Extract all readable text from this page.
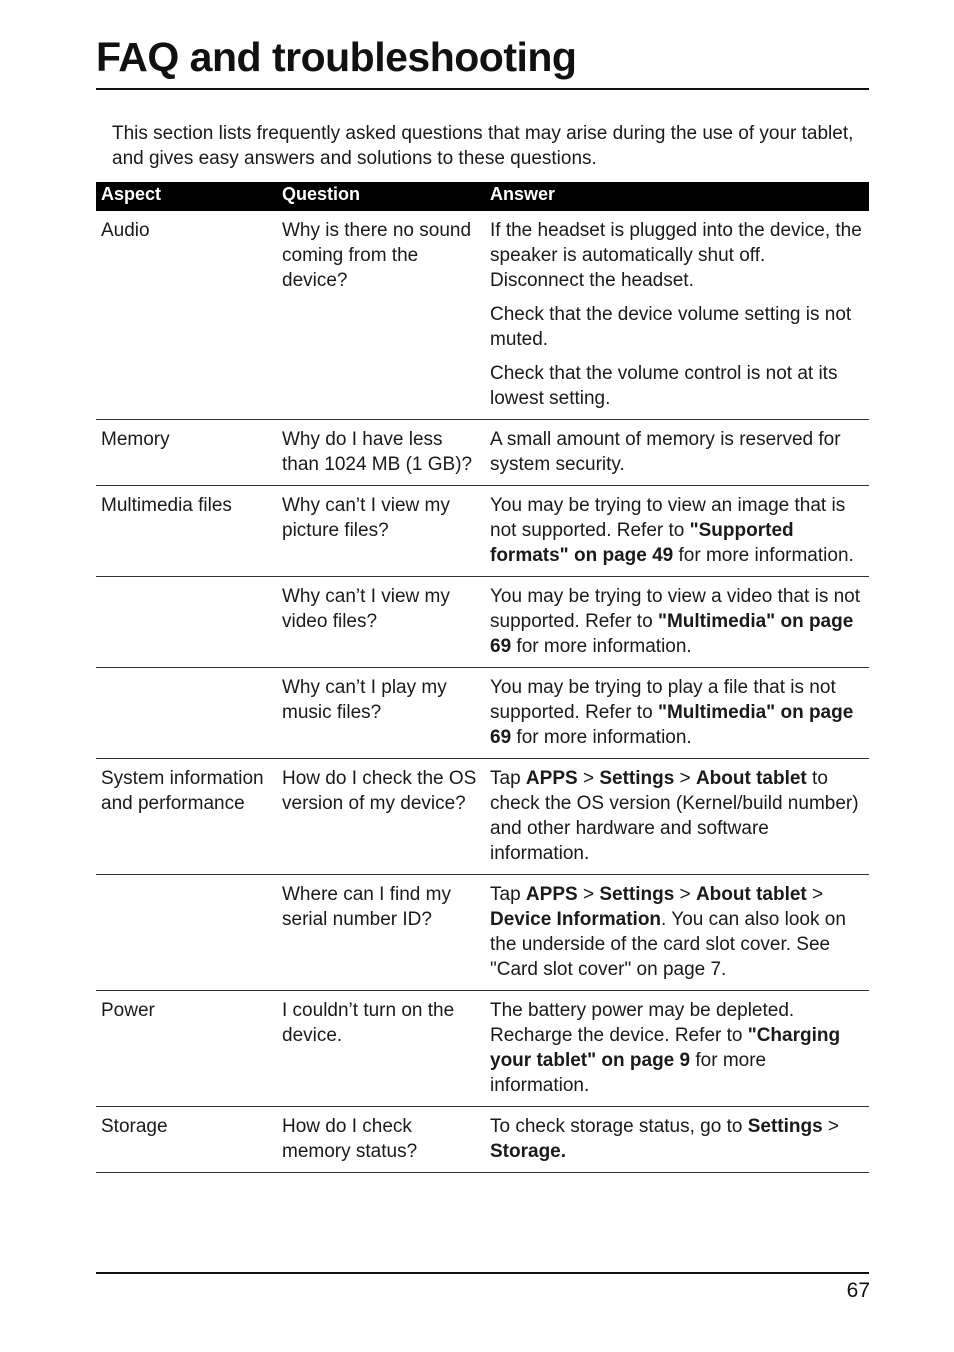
FAQ and troubleshooting

This section lists frequently asked questions that may arise during the use of your tablet, and gives easy answers and solutions to these questions.

Aspect	Question	Answer
Audio	Why is there no sound coming from the device?	If the headset is plugged into the device, the speaker is automatically shut off. Disconnect the headset.

Check that the device volume setting is not muted.

Check that the volume control is not at its lowest setting.

Memory	Why do I have less than 1024 MB (1 GB)?	A small amount of memory is reserved for system security.

Multimedia files	Why can’t I view my picture files?	You may be trying to view an image that is not supported. Refer to "Supported formats" on page 49 for more information.

	Why can’t I view my video files?	You may be trying to view a video that is not supported. Refer to "Multimedia" on page 69 for more information.

	Why can’t I play my music files?	You may be trying to play a file that is not supported. Refer to "Multimedia" on page 69 for more information.

System information and performance	How do I check the OS version of my device?	Tap APPS > Settings > About tablet to check the OS version (Kernel/build number) and other hardware and software information.

	Where can I find my serial number ID?	Tap APPS > Settings > About tablet > Device Information. You can also look on the underside of the card slot cover. See "Card slot cover" on page 7.

Power	I couldn’t turn on the device.	The battery power may be depleted. Recharge the device. Refer to "Charging your tablet" on page 9 for more information.

Storage	How do I check memory status?	To check storage status, go to Settings > Storage.

67
